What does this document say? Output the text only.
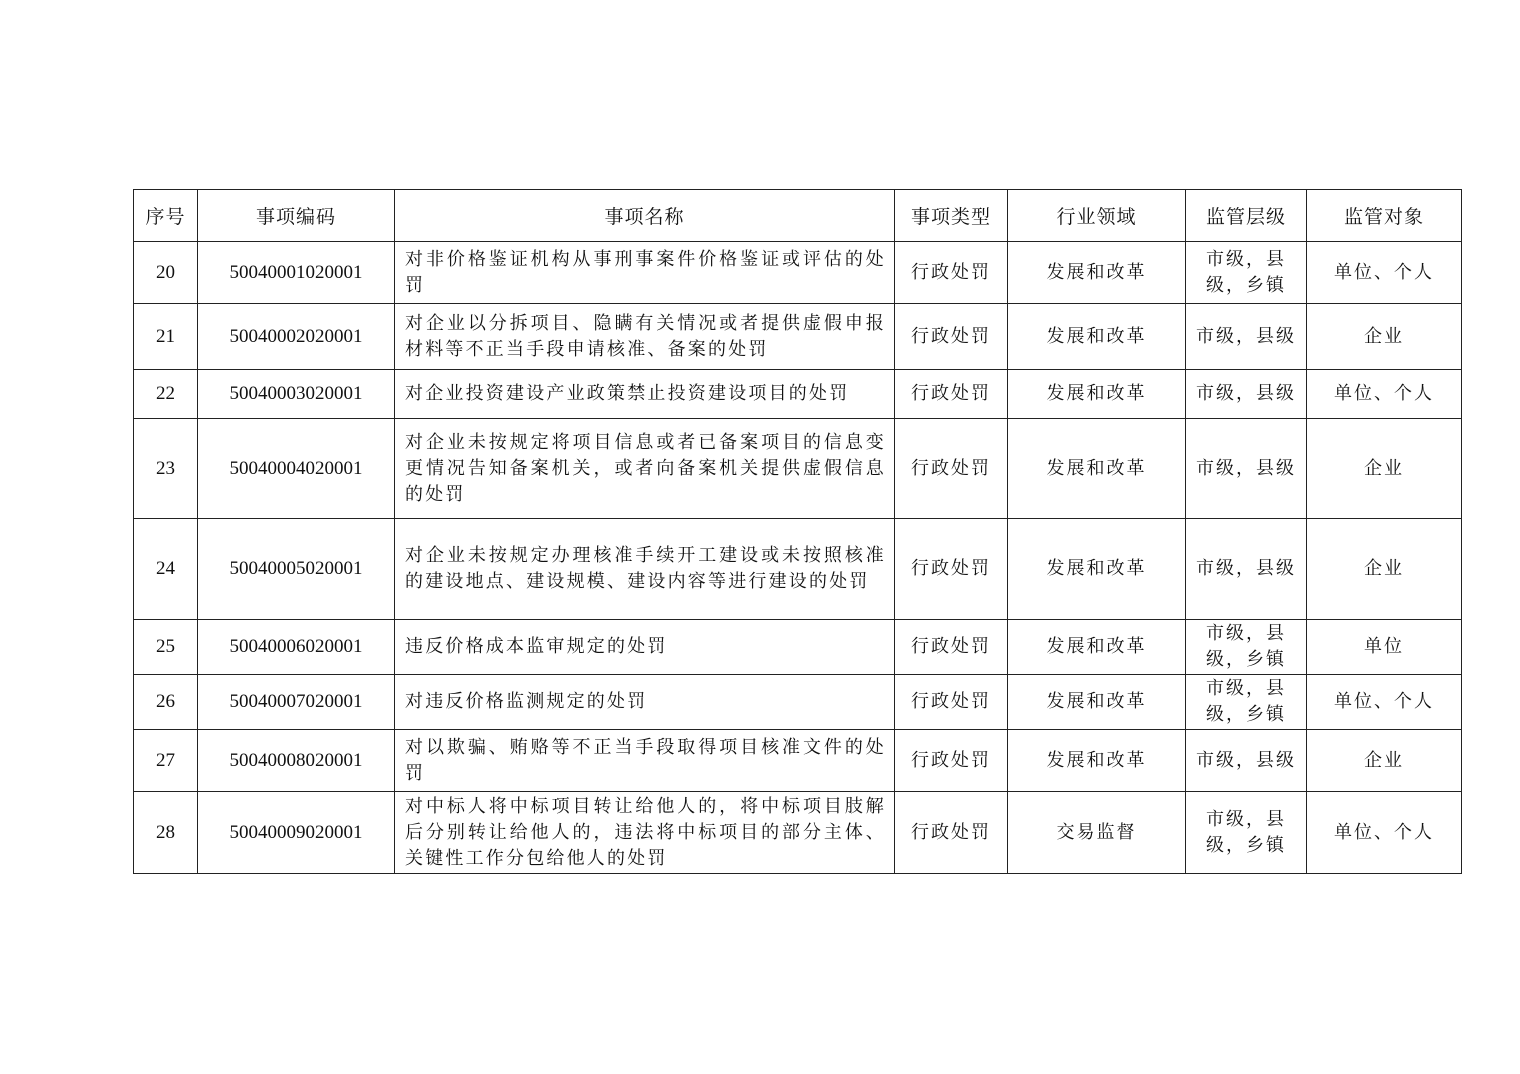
序号	事项编码	事项名称	事项类型	行业领域	监管层级	监管对象
20	50040001020001	对非价格鉴证机构从事刑事案件价格鉴证或评估的处罚	行政处罚	发展和改革	市级，县级，乡镇	单位、个人
21	50040002020001	对企业以分拆项目、隐瞒有关情况或者提供虚假申报材料等不正当手段申请核准、备案的处罚	行政处罚	发展和改革	市级，县级	企业
22	50040003020001	对企业投资建设产业政策禁止投资建设项目的处罚	行政处罚	发展和改革	市级，县级	单位、个人
23	50040004020001	对企业未按规定将项目信息或者已备案项目的信息变更情况告知备案机关，或者向备案机关提供虚假信息的处罚	行政处罚	发展和改革	市级，县级	企业
24	50040005020001	对企业未按规定办理核准手续开工建设或未按照核准的建设地点、建设规模、建设内容等进行建设的处罚	行政处罚	发展和改革	市级，县级	企业
25	50040006020001	违反价格成本监审规定的处罚	行政处罚	发展和改革	市级，县级，乡镇	单位
26	50040007020001	对违反价格监测规定的处罚	行政处罚	发展和改革	市级，县级，乡镇	单位、个人
27	50040008020001	对以欺骗、贿赂等不正当手段取得项目核准文件的处罚	行政处罚	发展和改革	市级，县级	企业
28	50040009020001	对中标人将中标项目转让给他人的，将中标项目肢解后分别转让给他人的，违法将中标项目的部分主体、关键性工作分包给他人的处罚	行政处罚	交易监督	市级，县级，乡镇	单位、个人
